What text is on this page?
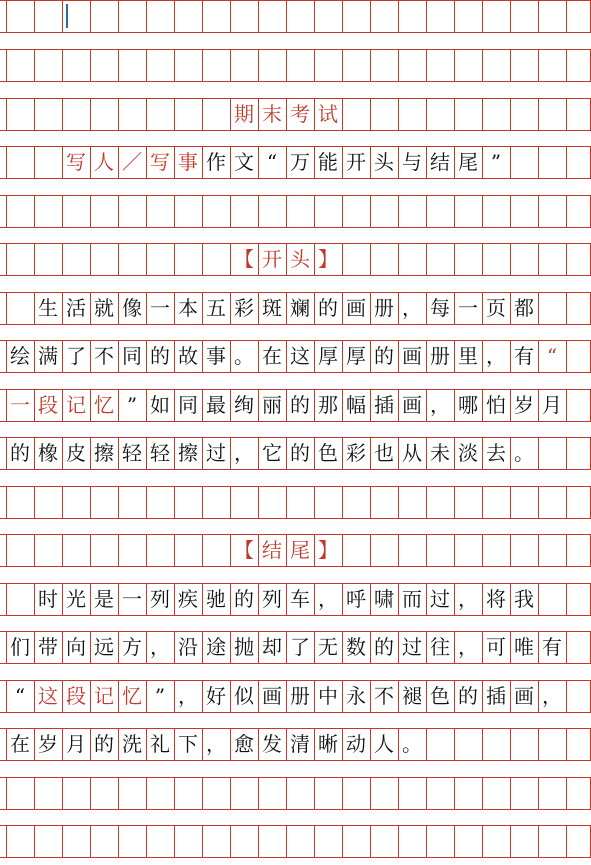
期 末 考 试
写 人 ／ 写 事 作 文 “ 万 能 开 头 与 结 尾 ”
【 开 头 】

生 活 就 像 一 本 五 彩 斑 斓 的 画 册 ， 每 一 页 都
绘 满 了 不 同 的 故 事 。 在 这 厚 厚 的 画 册 里 ， 有 “
一 段 记 忆 ” 如 同 最 绚 丽 的 那 幅 插 画 ， 哪 怕 岁 月
的 橡 皮 擦 轻 轻 擦 过 ， 它 的 色 彩 也 从 未 淡 去 。
【 结 尾 】

时 光 是 一 列 疾 驰 的 列 车 ， 呼 啸 而 过 ， 将 我
们 带 向 远 方 ， 沿 途 抛 却 了 无 数 的 过 往 ， 可 唯 有
“ 这 段 记 忆 ” ， 好 似 画 册 中 永 不 褪 色 的 插 画 ，
在 岁 月 的 洗 礼 下 ， 愈 发 清 晰 动 人 。
